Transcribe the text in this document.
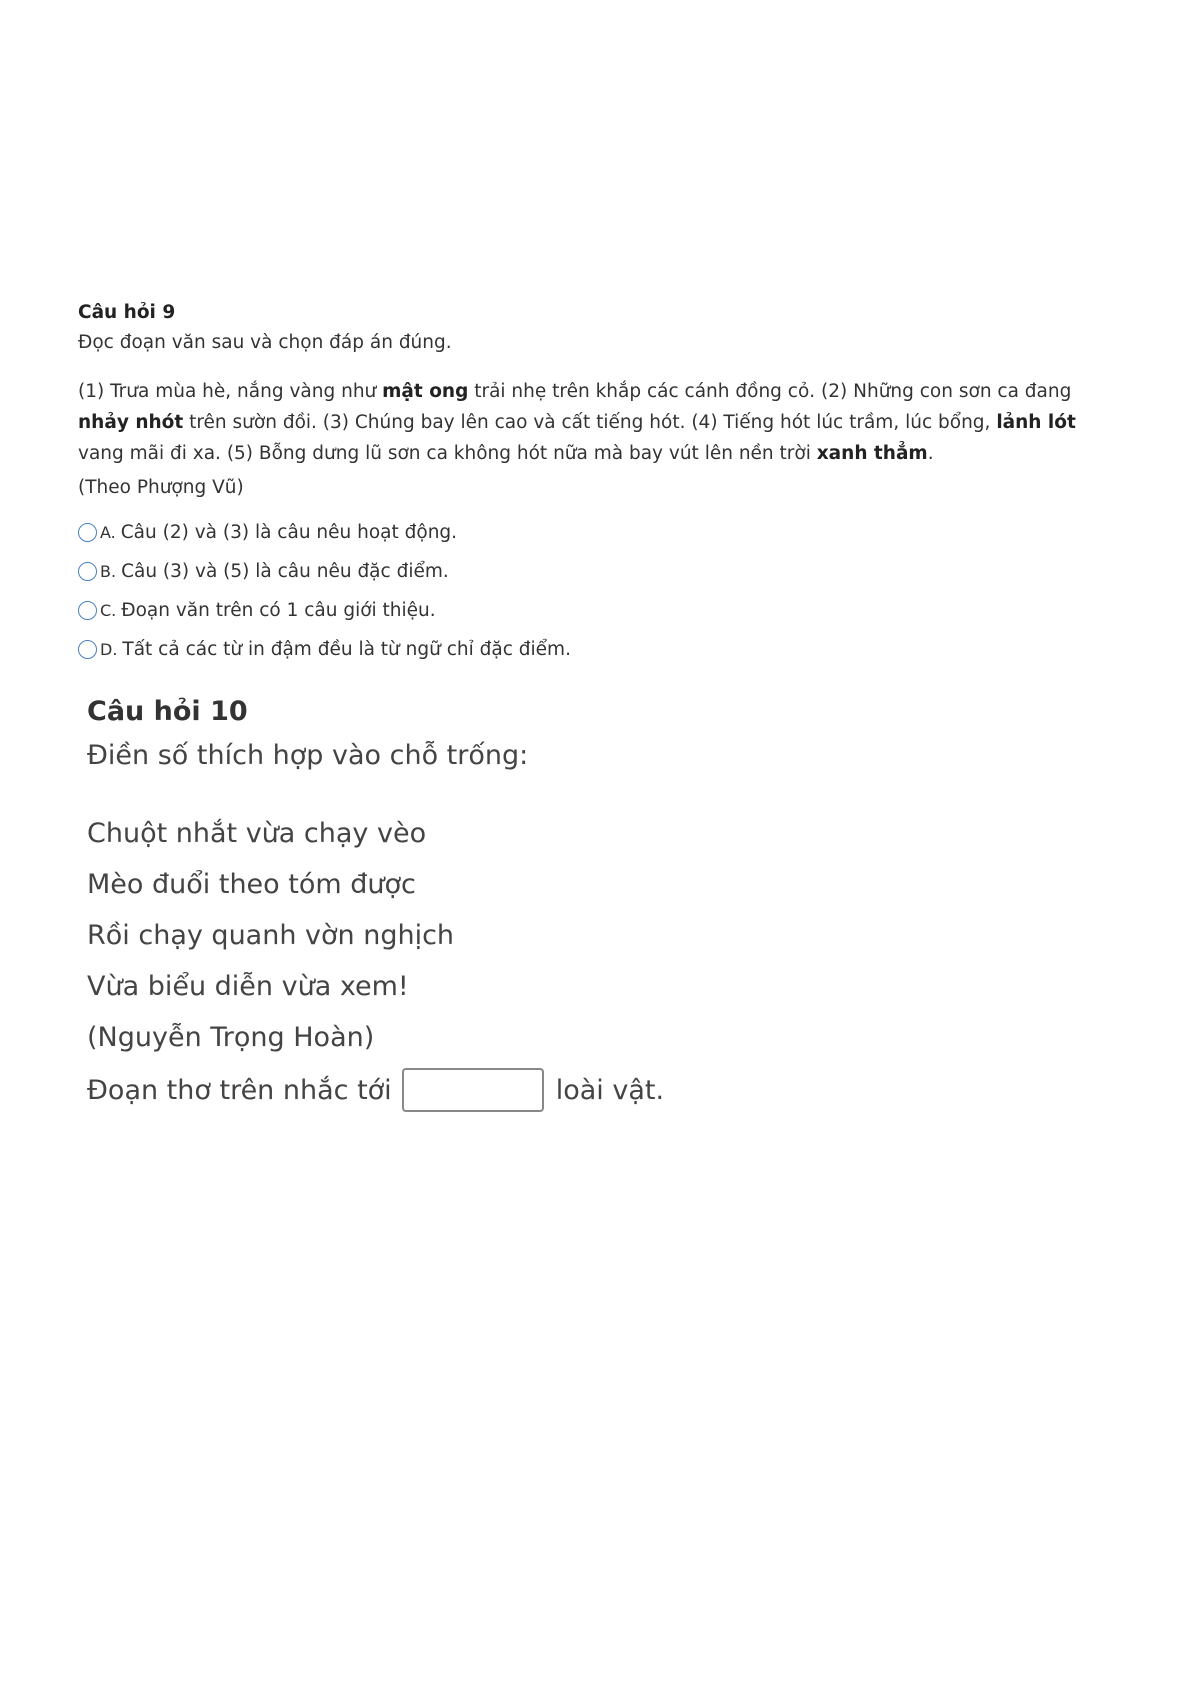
Câu hỏi 9
Đọc đoạn văn sau và chọn đáp án đúng.
(1) Trưa mùa hè, nắng vàng như mật ong trải nhẹ trên khắp các cánh đồng cỏ. (2) Những con sơn ca đang nhảy nhót trên sườn đồi. (3) Chúng bay lên cao và cất tiếng hót. (4) Tiếng hót lúc trầm, lúc bổng, lảnh lót vang mãi đi xa. (5) Bỗng dưng lũ sơn ca không hót nữa mà bay vút lên nền trời xanh thẳm.
(Theo Phượng Vũ)
A. Câu (2) và (3) là câu nêu hoạt động.
B. Câu (3) và (5) là câu nêu đặc điểm.
C. Đoạn văn trên có 1 câu giới thiệu.
D. Tất cả các từ in đậm đều là từ ngữ chỉ đặc điểm.
Câu hỏi 10
Điền số thích hợp vào chỗ trống:
Chuột nhắt vừa chạy vèo
Mèo đuổi theo tóm được
Rồi chạy quanh vờn nghịch
Vừa biểu diễn vừa xem!
(Nguyễn Trọng Hoàn)
Đoạn thơ trên nhắc tới	loài vật.
